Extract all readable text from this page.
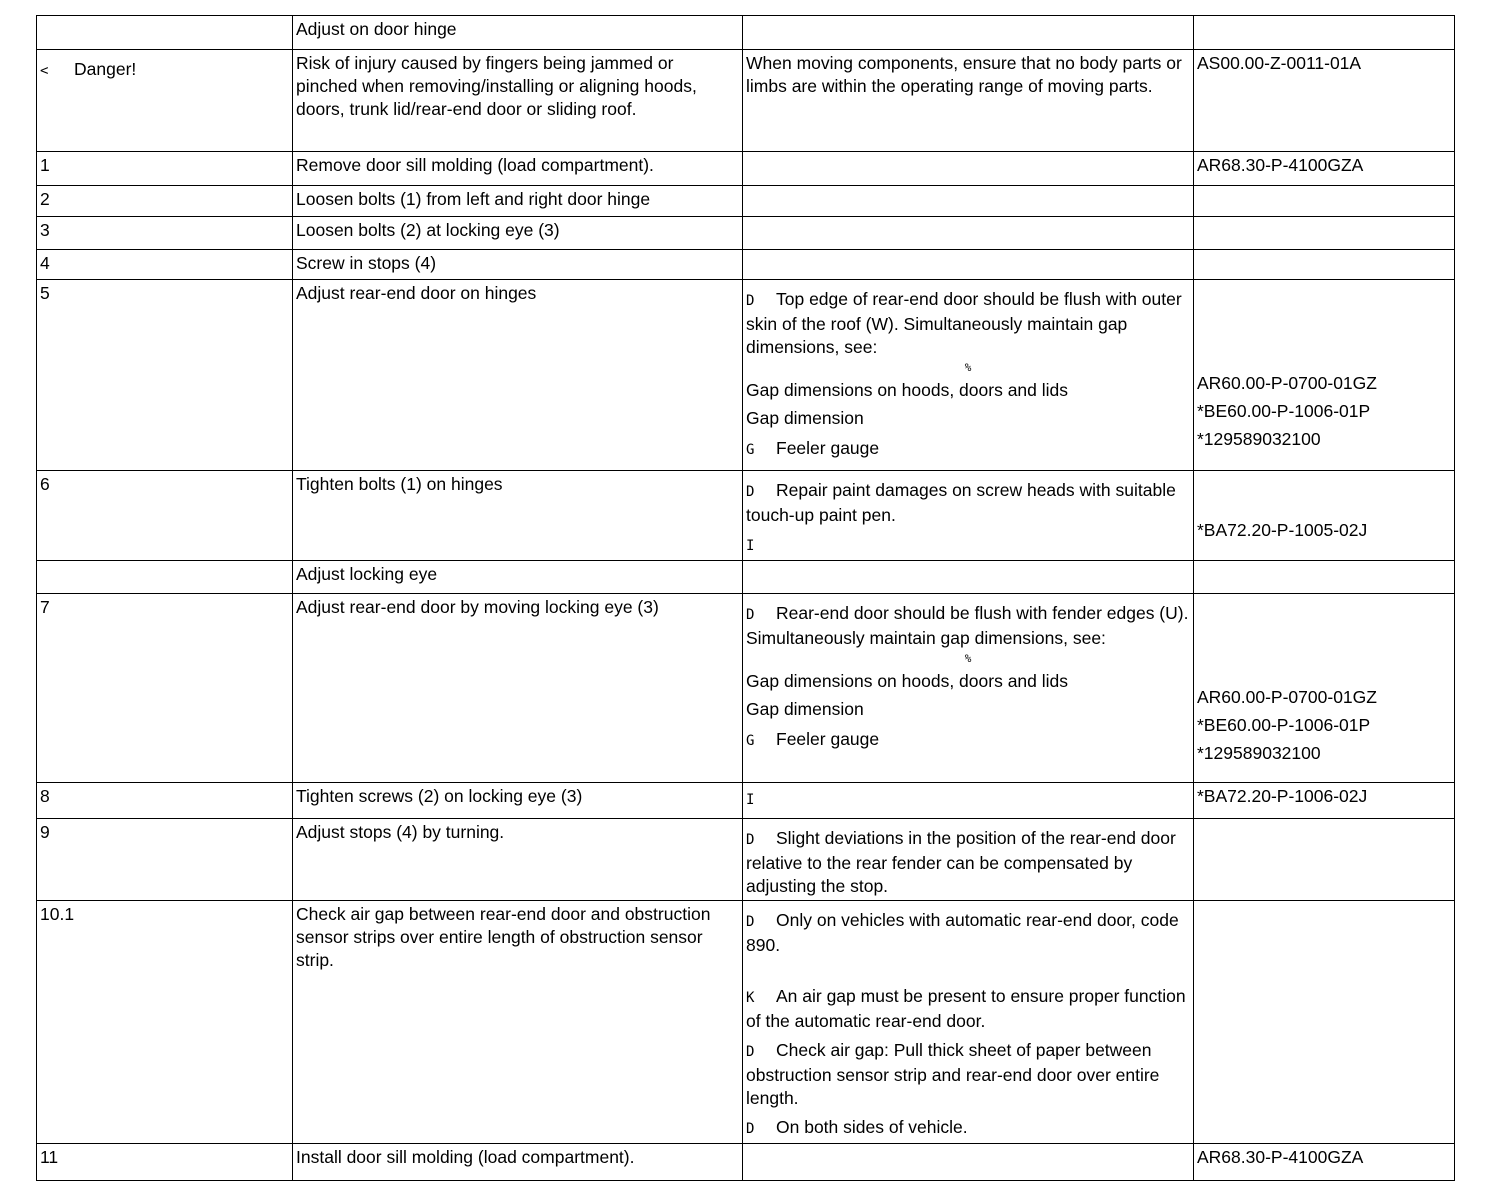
	Adjust on door hinge		
< Danger!	Risk of injury caused by fingers being jammed or pinched when removing/installing or aligning hoods, doors, trunk lid/rear-end door or sliding roof.	When moving components, ensure that no body parts or limbs are within the operating range of moving parts.	AS00.00-Z-0011-01A

1	Remove door sill molding (load compartment).		AR68.30-P-4100GZA

2	Loosen bolts (1) from left and right door hinge		
3	Loosen bolts (2) at locking eye (3)		
4	Screw in stops (4)		
5	Adjust rear-end door on hinges	D Top edge of rear-end door should be flush with outer skin of the roof (W). Simultaneously maintain gap dimensions, see:
%
Gap dimensions on hoods, doors and lids
Gap dimension
G Feeler gauge	AR60.00-P-0700-01GZ
*BE60.00-P-1006-01P
*129589032100

6	Tighten bolts (1) on hinges	D Repair paint damages on screw heads with suitable touch-up paint pen.
I	*BA72.20-P-1005-02J

	Adjust locking eye		
7	Adjust rear-end door by moving locking eye (3)	D Rear-end door should be flush with fender edges (U). Simultaneously maintain gap dimensions, see:
%
Gap dimensions on hoods, doors and lids
Gap dimension
G Feeler gauge	AR60.00-P-0700-01GZ
*BE60.00-P-1006-01P
*129589032100

8	Tighten screws (2) on locking eye (3)	I	*BA72.20-P-1006-02J

9	Adjust stops (4) by turning.	D Slight deviations in the position of the rear-end door relative to the rear fender can be compensated by adjusting the stop.	

10.1	Check air gap between rear-end door and obstruction sensor strips over entire length of obstruction sensor strip.	D Only on vehicles with automatic rear-end door, code 890.
K An air gap must be present to ensure proper function of the automatic rear-end door.
D Check air gap: Pull thick sheet of paper between obstruction sensor strip and rear-end door over entire length.
D On both sides of vehicle.	

11	Install door sill molding (load compartment).		AR68.30-P-4100GZA
